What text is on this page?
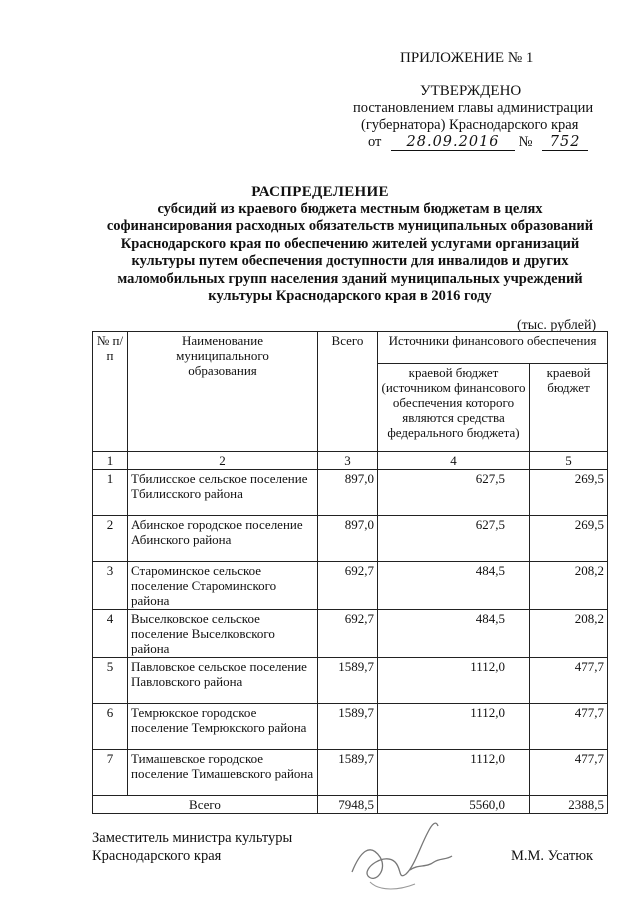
ПРИЛОЖЕНИЕ № 1
УТВЕРЖДЕНО
постановлением главы администрации
(губернатора) Краснодарского края
от 28.09.2016 № 752
РАСПРЕДЕЛЕНИЕ
субсидий из краевого бюджета местным бюджетам в целях
софинансирования расходных обязательств муниципальных образований
Краснодарского края по обеспечению жителей услугами организаций
культуры путем обеспечения доступности для инвалидов и других
маломобильных групп населения зданий муниципальных учреждений
культуры Краснодарского края в 2016 году
(тыс. рублей)
№ п/п	Наименование муниципального образования	Всего	Источники финансового обеспечения	
			краевой бюджет (источником финансового обеспечения которого являются средства федерального бюджета)	краевой бюджет
1	2	3	4	5
1	Тбилисское сельское поселение Тбилисского района	897,0	627,5	269,5
2	Абинское городское поселение Абинского района	897,0	627,5	269,5
3	Староминское сельское поселение Староминского района	692,7	484,5	208,2
4	Выселковское сельское поселение Выселковского района	692,7	484,5	208,2
5	Павловское сельское поселение Павловского района	1589,7	1112,0	477,7
6	Темрюкское городское поселение Темрюкского района	1589,7	1112,0	477,7
7	Тимашевское городское поселение Тимашевского района	1589,7	1112,0	477,7
Всего		7948,5	5560,0	2388,5
Заместитель министра культуры
Краснодарского края	М.М. Усатюк
